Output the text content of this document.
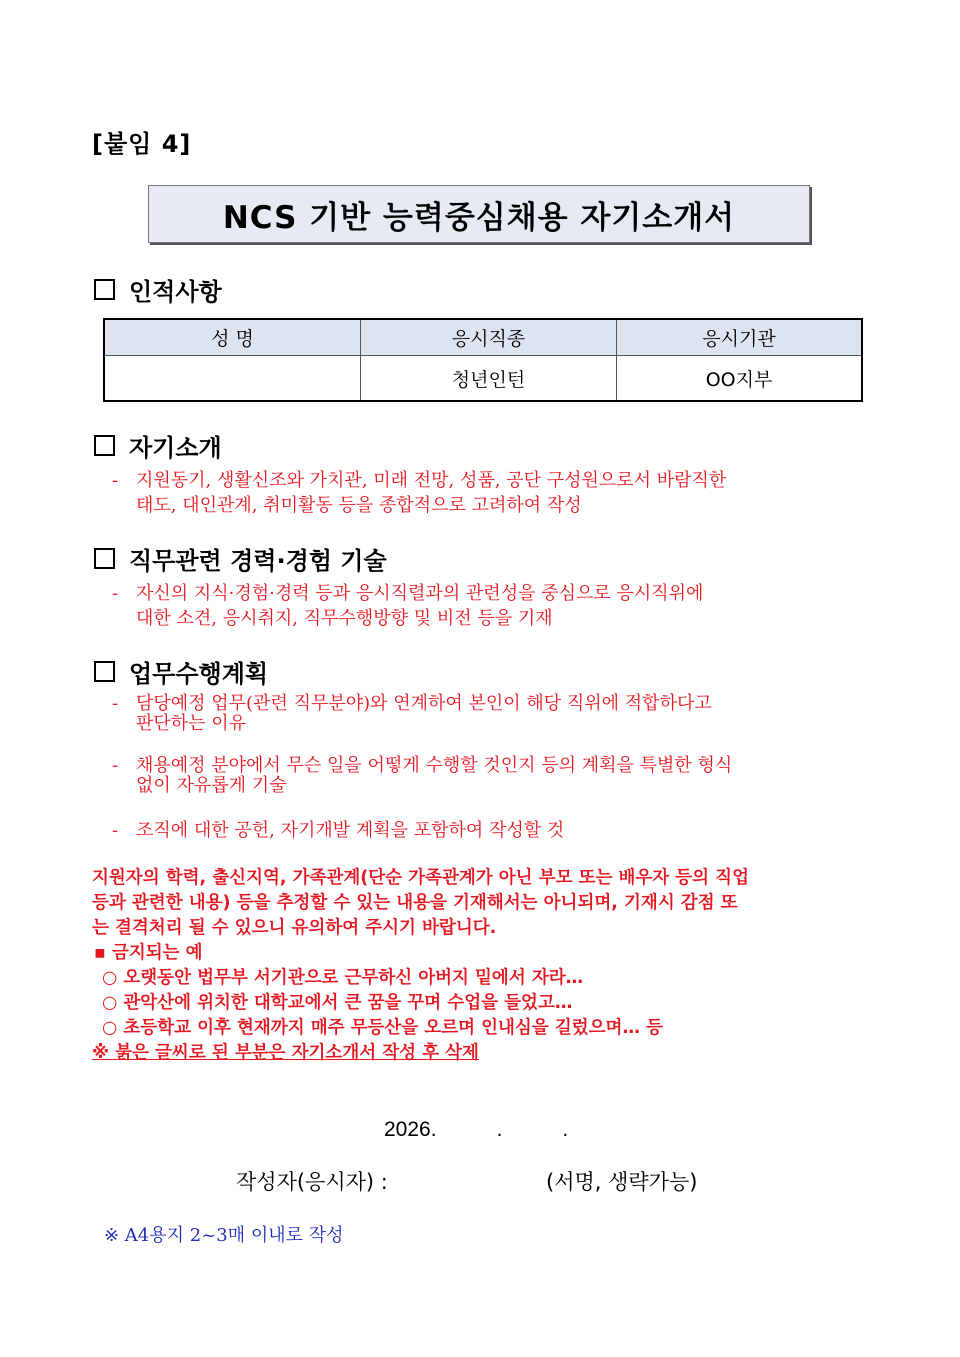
[붙임 4]
NCS 기반 능력중심채용 자기소개서
인적사항
성 명	응시직종	응시기관
	청년인턴	OO지부
자기소개
- 지원동기, 생활신조와 가치관, 미래 전망, 성품, 공단 구성원으로서 바람직한
태도, 대인관계, 취미활동 등을 종합적으로 고려하여 작성
직무관련 경력·경험 기술
- 자신의 지식·경험·경력 등과 응시직렬과의 관련성을 중심으로 응시직위에
대한 소견, 응시취지, 직무수행방향 및 비전 등을 기재
업무수행계획
- 담당예정 업무(관련 직무분야)와 연계하여 본인이 해당 직위에 적합하다고
판단하는 이유
- 채용예정 분야에서 무슨 일을 어떻게 수행할 것인지 등의 계획을 특별한 형식
없이 자유롭게 기술
- 조직에 대한 공헌, 자기개발 계획을 포함하여 작성할 것
지원자의 학력, 출신지역, 가족관계(단순 가족관계가 아닌 부모 또는 배우자 등의 직업
등과 관련한 내용) 등을 추정할 수 있는 내용을 기재해서는 아니되며, 기재시 감점 또
는 결격처리 될 수 있으니 유의하여 주시기 바랍니다.
▪ 금지되는 예
○ 오랫동안 법무부 서기관으로 근무하신 아버지 밑에서 자라…
○ 관악산에 위치한 대학교에서 큰 꿈을 꾸며 수업을 들었고…
○ 초등학교 이후 현재까지 매주 무등산을 오르며 인내심을 길렀으며… 등
※ 붉은 글씨로 된 부분은 자기소개서 작성 후 삭제
2026.	.	.
작성자(응시자) :	(서명, 생략가능)
※ A4용지 2~3매 이내로 작성
